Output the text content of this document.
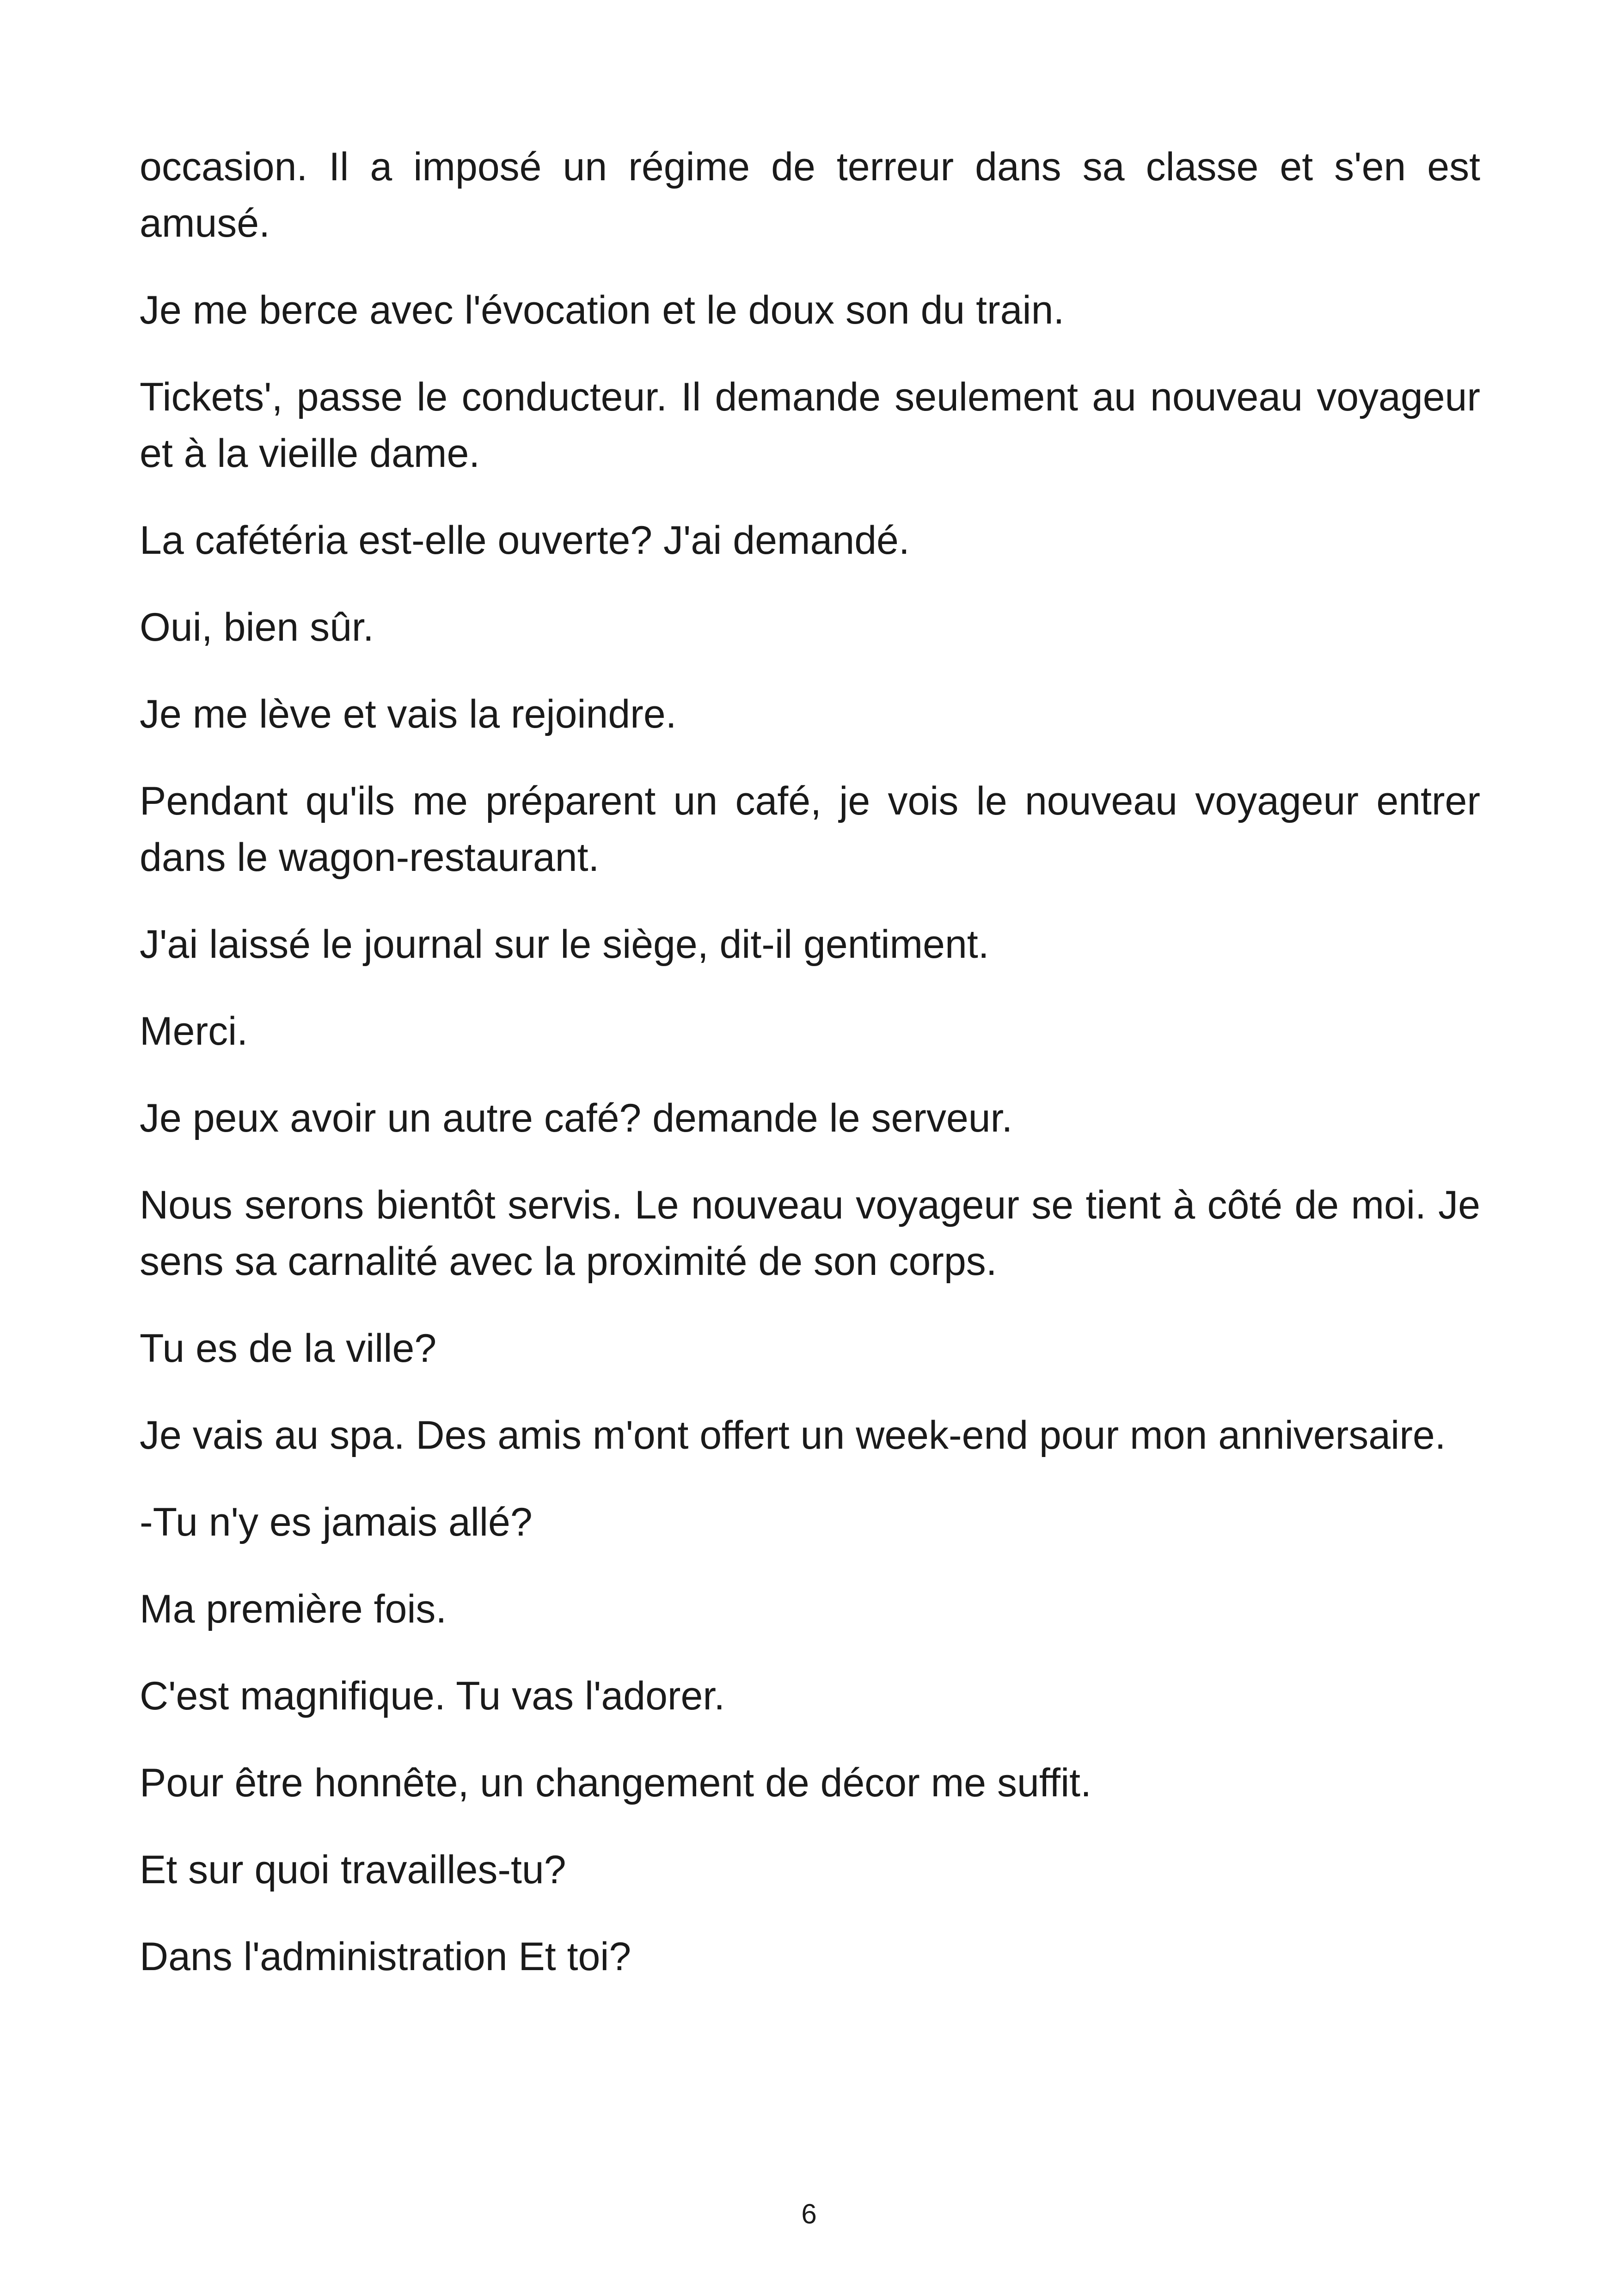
occasion. Il a imposé un régime de terreur dans sa classe et s'en est amusé.

Je me berce avec l'évocation et le doux son du train.

Tickets', passe le conducteur. Il demande seulement au nouveau voyageur et à la vieille dame.

La cafétéria est-elle ouverte? J'ai demandé.

Oui, bien sûr.

Je me lève et vais la rejoindre.

Pendant qu'ils me préparent un café, je vois le nouveau voyageur entrer dans le wagon-restaurant.

J'ai laissé le journal sur le siège, dit-il gentiment.

Merci.

Je peux avoir un autre café? demande le serveur.

Nous serons bientôt servis. Le nouveau voyageur se tient à côté de moi. Je sens sa carnalité avec la proximité de son corps.

Tu es de la ville?

Je vais au spa. Des amis m'ont offert un week-end pour mon anniversaire.

-Tu n'y es jamais allé?

Ma première fois.

C'est magnifique. Tu vas l'adorer.

Pour être honnête, un changement de décor me suffit.

Et sur quoi travailles-tu?

Dans l'administration Et toi?

6
